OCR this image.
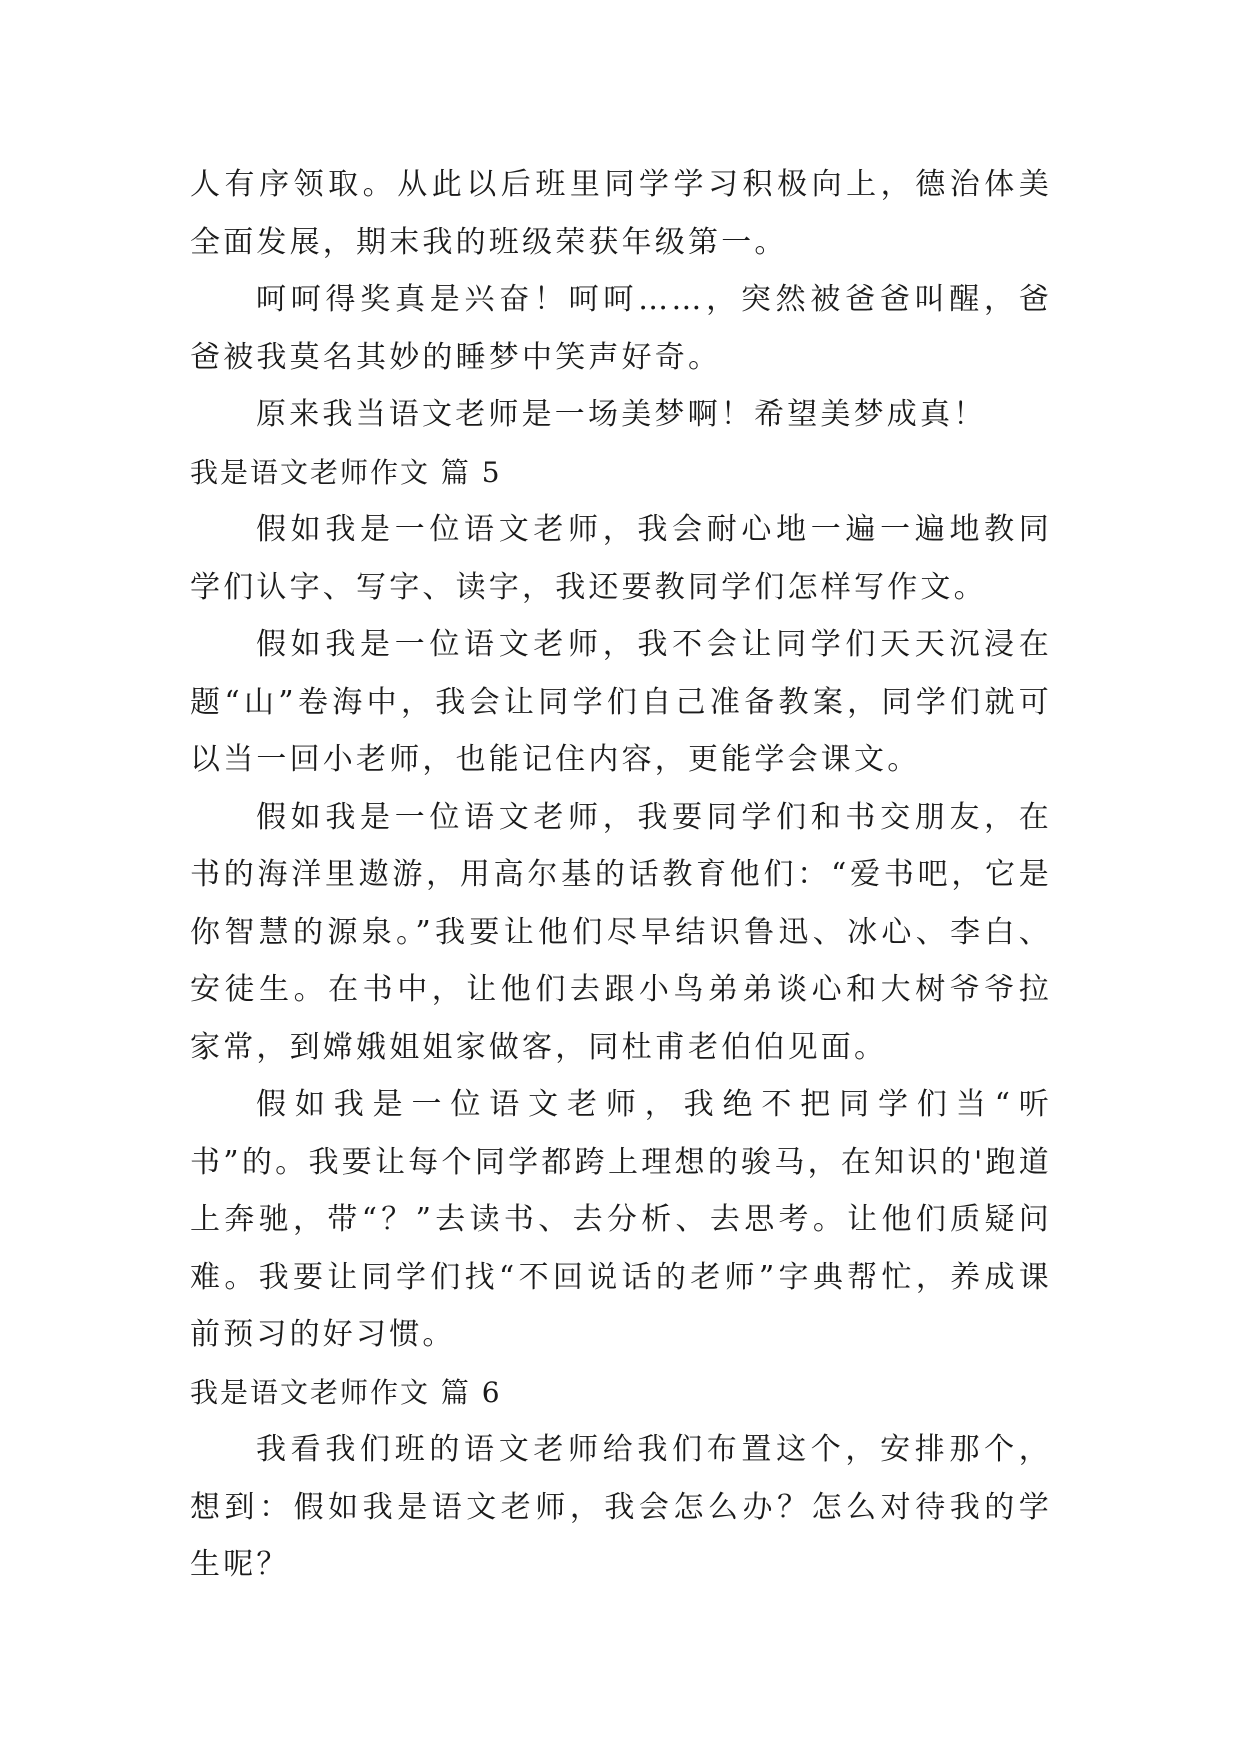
人有序领取。从此以后班里同学学习积极向上，德治体美全面发展，期末我的班级荣获年级第一。

呵呵得奖真是兴奋！呵呵……，突然被爸爸叫醒，爸爸被我莫名其妙的睡梦中笑声好奇。

原来我当语文老师是一场美梦啊！希望美梦成真！

我是语文老师作文 篇 5

假如我是一位语文老师，我会耐心地一遍一遍地教同学们认字、写字、读字，我还要教同学们怎样写作文。

假如我是一位语文老师，我不会让同学们天天沉浸在题“山”卷海中，我会让同学们自己准备教案，同学们就可以当一回小老师，也能记住内容，更能学会课文。

假如我是一位语文老师，我要同学们和书交朋友，在书的海洋里遨游，用高尔基的话教育他们：“爱书吧，它是你智慧的源泉。”我要让他们尽早结识鲁迅、冰心、李白、安徒生。在书中，让他们去跟小鸟弟弟谈心和大树爷爷拉家常，到嫦娥姐姐家做客，同杜甫老伯伯见面。

假如我是一位语文老师，我绝不把同学们当“听书”的。我要让每个同学都跨上理想的骏马，在知识的'跑道上奔驰，带“？”去读书、去分析、去思考。让他们质疑问难。我要让同学们找“不回说话的老师”字典帮忙，养成课前预习的好习惯。

我是语文老师作文 篇 6

我看我们班的语文老师给我们布置这个，安排那个，想到：假如我是语文老师，我会怎么办？怎么对待我的学生呢？
